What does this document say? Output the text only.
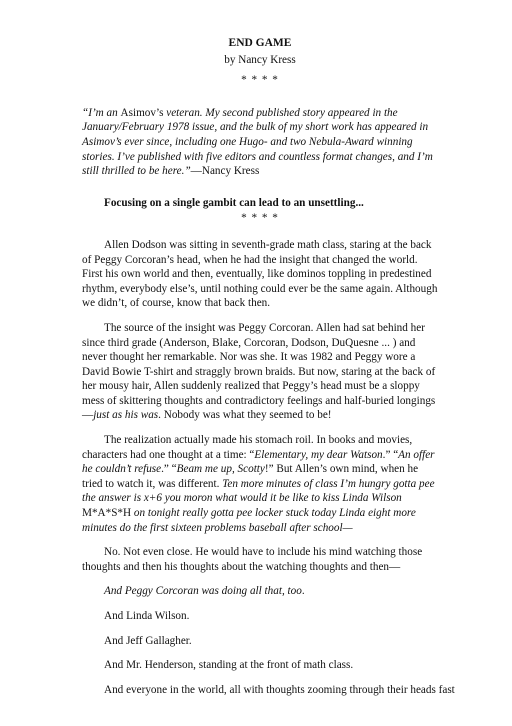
END GAME
by Nancy Kress
* * * *

“I’m an Asimov’s veteran. My second published story appeared in the January/February 1978 issue, and the bulk of my short work has appeared in Asimov’s ever since, including one Hugo- and two Nebula-Award winning stories. I’ve published with five editors and countless format changes, and I’m still thrilled to be here.”—Nancy Kress

Focusing on a single gambit can lead to an unsettling...
* * * *

Allen Dodson was sitting in seventh-grade math class, staring at the back of Peggy Corcoran’s head, when he had the insight that changed the world. First his own world and then, eventually, like dominos toppling in predestined rhythm, everybody else’s, until nothing could ever be the same again. Although we didn’t, of course, know that back then.

The source of the insight was Peggy Corcoran. Allen had sat behind her since third grade (Anderson, Blake, Corcoran, Dodson, DuQuesne ... ) and never thought her remarkable. Nor was she. It was 1982 and Peggy wore a David Bowie T-shirt and straggly brown braids. But now, staring at the back of her mousy hair, Allen suddenly realized that Peggy’s head must be a sloppy mess of skittering thoughts and contradictory feelings and half-buried longings—just as his was. Nobody was what they seemed to be!

The realization actually made his stomach roil. In books and movies, characters had one thought at a time: “Elementary, my dear Watson.” “An offer he couldn’t refuse.” “Beam me up, Scotty!” But Allen’s own mind, when he tried to watch it, was different. Ten more minutes of class I’m hungry gotta pee the answer is x+6 you moron what would it be like to kiss Linda Wilson M*A*S*H on tonight really gotta pee locker stuck today Linda eight more minutes do the first sixteen problems baseball after school—

No. Not even close. He would have to include his mind watching those thoughts and then his thoughts about the watching thoughts and then—

And Peggy Corcoran was doing all that, too.

And Linda Wilson.

And Jeff Gallagher.

And Mr. Henderson, standing at the front of math class.

And everyone in the world, all with thoughts zooming through their heads fast
